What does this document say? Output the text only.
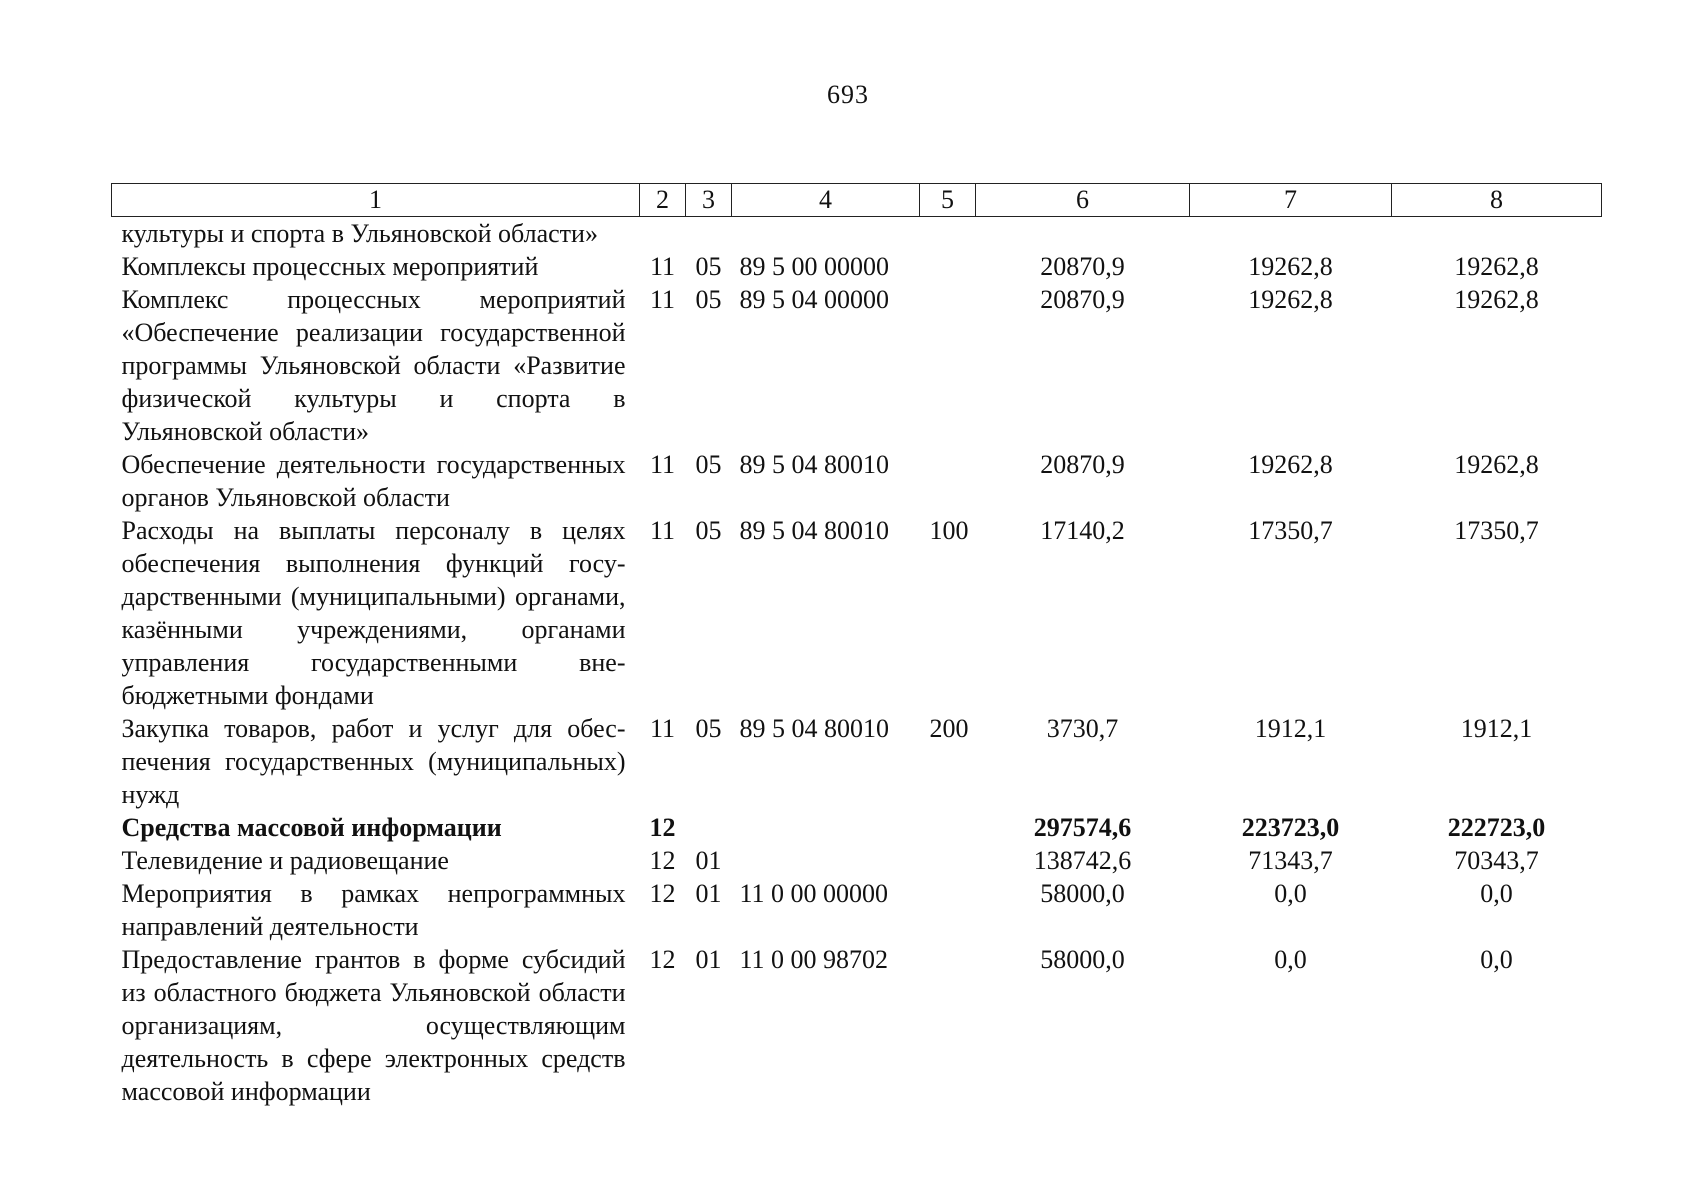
693
1	2	3	4	5	6	7	8
культуры и спорта в Ульяновской области»							
Комплексы процессных мероприятий	11	05	89 5 00 00000		20870,9	19262,8	19262,8
Комплекс процессных мероприятий «Обеспечение реализации государственной программы Ульяновской области «Развитие физической культуры и спорта в Ульяновской области»	11	05	89 5 04 00000		20870,9	19262,8	19262,8
Обеспечение деятельности государственных органов Ульяновской области	11	05	89 5 04 80010		20870,9	19262,8	19262,8
Расходы на выплаты персоналу в целях обеспечения выполнения функций государственными (муниципальными) органами, казёнными учреждениями, органами управления государственными внебюджетными фондами	11	05	89 5 04 80010	100	17140,2	17350,7	17350,7
Закупка товаров, работ и услуг для обеспечения государственных (муниципальных) нужд	11	05	89 5 04 80010	200	3730,7	1912,1	1912,1
Средства массовой информации	12				297574,6	223723,0	222723,0
Телевидение и радиовещание	12	01			138742,6	71343,7	70343,7
Мероприятия в рамках непрограммных направлений деятельности	12	01	11 0 00 00000		58000,0	0,0	0,0
Предоставление грантов в форме субсидий из областного бюджета Ульяновской области организациям, осуществляющим деятельность в сфере электронных средств массовой информации	12	01	11 0 00 98702		58000,0	0,0	0,0
